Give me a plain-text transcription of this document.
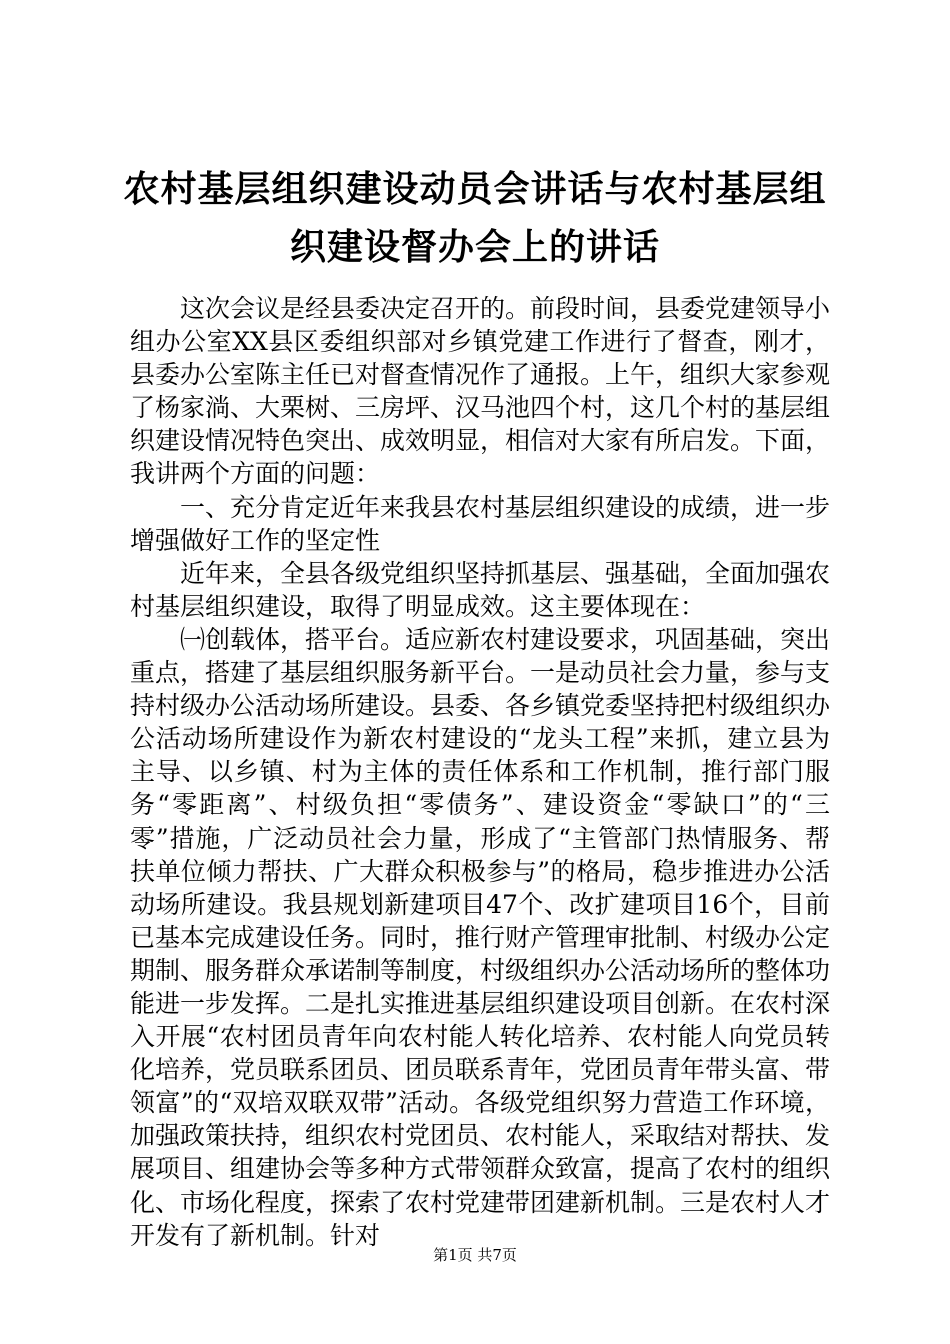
农村基层组织建设动员会讲话与农村基层组织建设督办会上的讲话

这次会议是经县委决定召开的。前段时间，县委党建领导小组办公室XX县区委组织部对乡镇党建工作进行了督查，刚才，县委办公室陈主任已对督查情况作了通报。上午，组织大家参观了杨家淌、大栗树、三房坪、汉马池四个村，这几个村的基层组织建设情况特色突出、成效明显，相信对大家有所启发。下面，我讲两个方面的问题：

一、充分肯定近年来我县农村基层组织建设的成绩，进一步增强做好工作的坚定性

近年来，全县各级党组织坚持抓基层、强基础，全面加强农村基层组织建设，取得了明显成效。这主要体现在：

㈠创载体，搭平台。适应新农村建设要求，巩固基础，突出重点，搭建了基层组织服务新平台。一是动员社会力量，参与支持村级办公活动场所建设。县委、各乡镇党委坚持把村级组织办公活动场所建设作为新农村建设的“龙头工程”来抓，建立县为主导、以乡镇、村为主体的责任体系和工作机制，推行部门服务“零距离”、村级负担“零债务”、建设资金“零缺口”的“三零”措施，广泛动员社会力量，形成了“主管部门热情服务、帮扶单位倾力帮扶、广大群众积极参与”的格局，稳步推进办公活动场所建设。我县规划新建项目47个、改扩建项目16个，目前已基本完成建设任务。同时，推行财产管理审批制、村级办公定期制、服务群众承诺制等制度，村级组织办公活动场所的整体功能进一步发挥。二是扎实推进基层组织建设项目创新。在农村深入开展“农村团员青年向农村能人转化培养、农村能人向党员转化培养，党员联系团员、团员联系青年，党团员青年带头富、带领富”的“双培双联双带”活动。各级党组织努力营造工作环境，加强政策扶持，组织农村党团员、农村能人，采取结对帮扶、发展项目、组建协会等多种方式带领群众致富，提高了农村的组织化、市场化程度，探索了农村党建带团建新机制。三是农村人才开发有了新机制。针对

第1页 共7页
